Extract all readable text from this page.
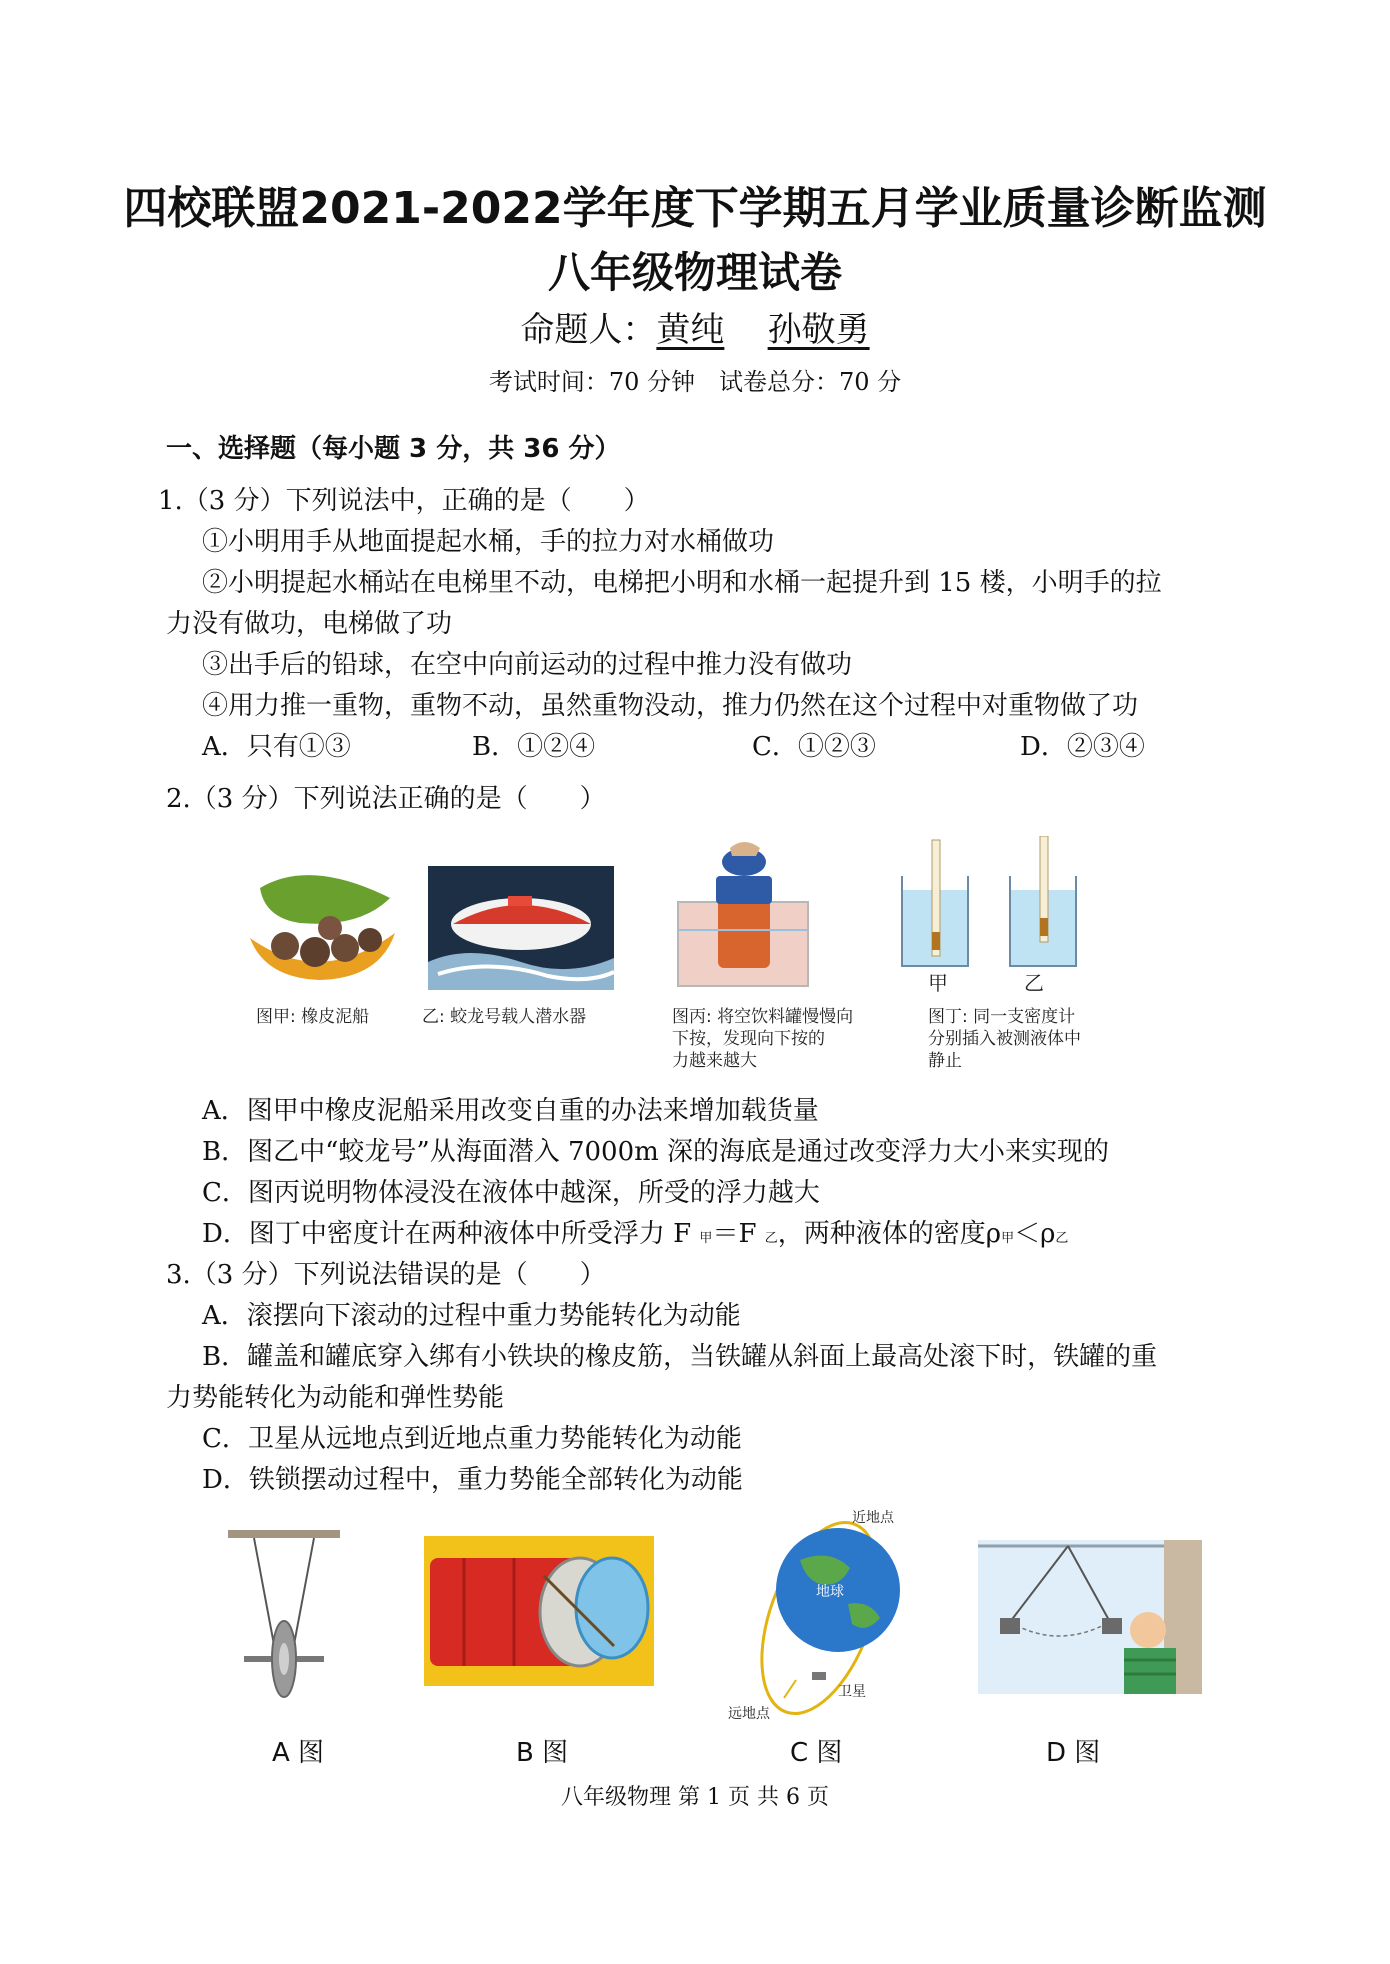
四校联盟2021-2022学年度下学期五月学业质量诊断监测
八年级物理试卷
命题人：黄纯 孙敬勇
考试时间：70 分钟　试卷总分：70 分
一、选择题（每小题 3 分，共 36 分）
1.（3 分）下列说法中，正确的是（　　）
①小明用手从地面提起水桶，手的拉力对水桶做功
②小明提起水桶站在电梯里不动，电梯把小明和水桶一起提升到 15 楼，小明手的拉
力没有做功，电梯做了功
③出手后的铅球，在空中向前运动的过程中推力没有做功
④用力推一重物，重物不动，虽然重物没动，推力仍然在这个过程中对重物做了功
A．只有①③	B．①②④	C．①②③	D．②③④
2.（3 分）下列说法正确的是（　　）
图甲: 橡皮泥船	乙: 蛟龙号载人潜水器	图丙: 将空饮料罐慢慢向
下按，发现向下按的
力越来越大
甲	乙
图丁: 同一支密度计
分别插入被测液体中
静止
A．图甲中橡皮泥船采用改变自重的办法来增加载货量
B．图乙中“蛟龙号”从海面潜入 7000m 深的海底是通过改变浮力大小来实现的
C．图丙说明物体浸没在液体中越深，所受的浮力越大
D．图丁中密度计在两种液体中所受浮力 F 甲＝F 乙，两种液体的密度ρ甲＜ρ乙
3.（3 分）下列说法错误的是（　　）
A．滚摆向下滚动的过程中重力势能转化为动能
B．罐盖和罐底穿入绑有小铁块的橡皮筋，当铁罐从斜面上最高处滚下时，铁罐的重
力势能转化为动能和弹性势能
C．卫星从远地点到近地点重力势能转化为动能
D．铁锁摆动过程中，重力势能全部转化为动能
A 图	B 图
卫星
地球
近地点
远地点
C 图	D 图
八年级物理 第 1 页 共 6 页
